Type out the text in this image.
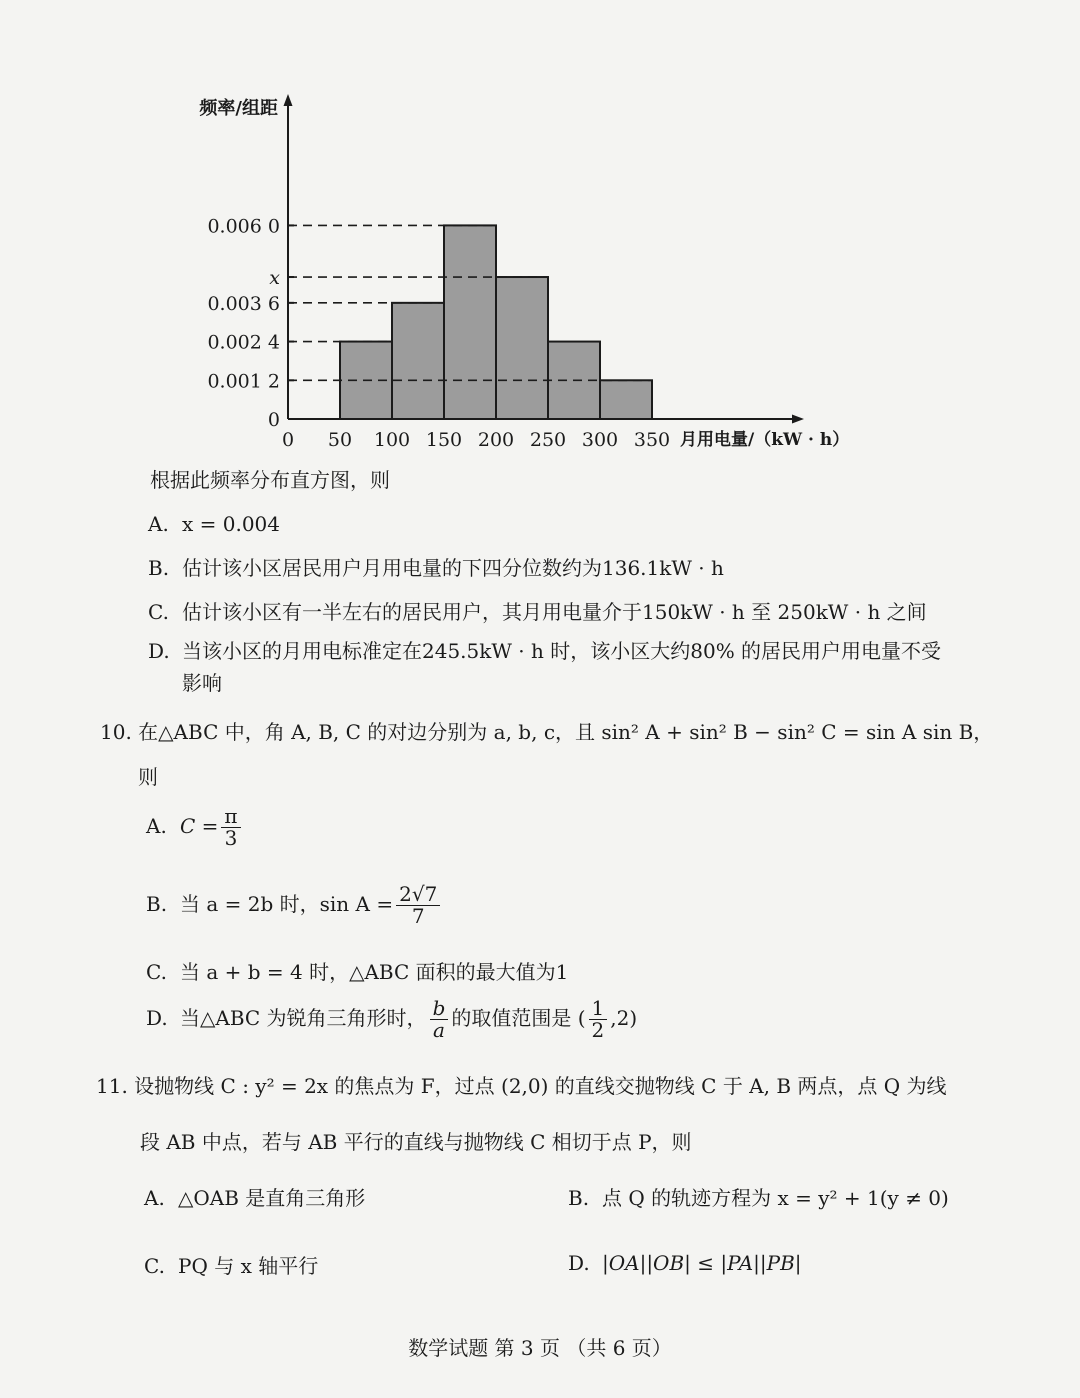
0
0.001 2
0.002 4
0.003 6
x
0.006 0
0 50 100 150 200 250 300 350
频率/组距
月用电量/（kW · h）
根据此频率分布直方图，则
A. x = 0.004
B. 估计该小区居民用户月用电量的下四分位数约为136.1kW · h
C. 估计该小区有一半左右的居民用户，其月用电量介于150kW · h 至 250kW · h 之间
D. 当该小区的月用电标准定在245.5kW · h 时，该小区大约80% 的居民用户用电量不受
影响
10. 在△ABC 中，角 A, B, C 的对边分别为 a, b, c，且 sin² A + sin² B − sin² C = sin A sin B，
则
A. $C = \frac{\pi}{3}$
B. 当 a = 2b 时，$\sin A = \frac{2√7}{7}$
C. 当 a + b = 4 时，△ABC 面积的最大值为1
D. 当△ABC 为锐角三角形时， $\frac{b}{a}$ 的取值范围是 ( $\frac{1}{2} ,2$)
11. 设抛物线 C : y² = 2x 的焦点为 F，过点 (2,0) 的直线交抛物线 C 于 A, B 两点，点 Q 为线
段 AB 中点，若与 AB 平行的直线与抛物线 C 相切于点 P，则
A. △OAB 是直角三角形	B. 点 Q 的轨迹方程为 x = y² + 1(y ≠ 0)
C. PQ 与 x 轴平行	D. |OA||OB| ≤ |PA||PB|
数学试题 第 3 页 （共 6 页）
